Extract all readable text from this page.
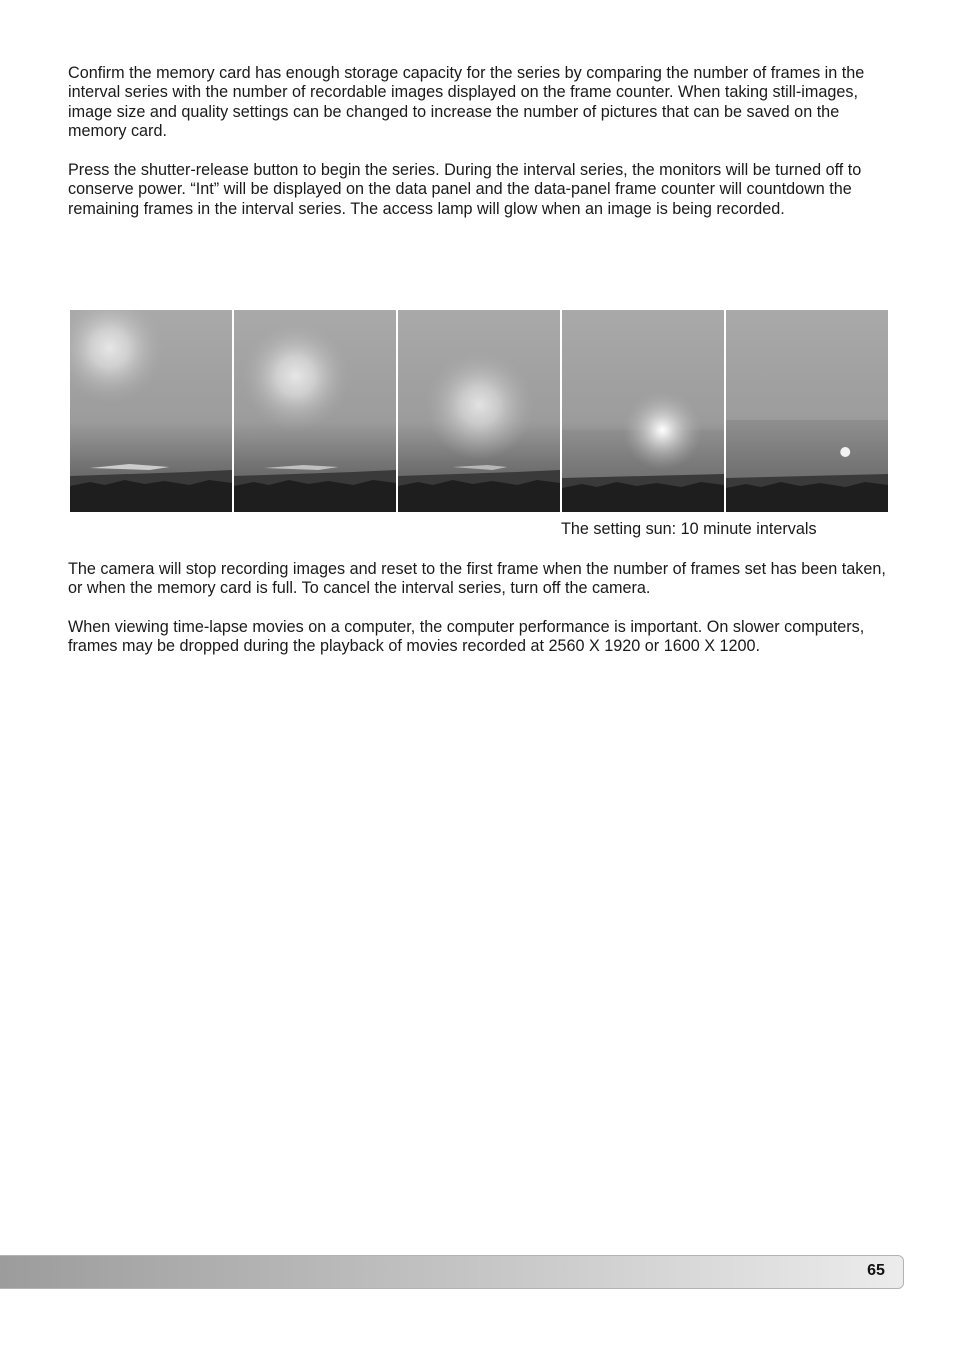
Confirm the memory card has enough storage capacity for the series by comparing the number of frames in the interval series with the number of recordable images displayed on the frame counter. When taking still-images, image size and quality settings can be changed to increase the number of pictures that can be saved on the memory card.

Press the shutter-release button to begin the series. During the interval series, the monitors will be turned off to conserve power. “Int” will be displayed on the data panel and the data-panel frame counter will countdown the remaining frames in the interval series. The access lamp will glow when an image is being recorded.

The setting sun: 10 minute intervals

The camera will stop recording images and reset to the first frame when the number of frames set has been taken, or when the memory card is full. To cancel the interval series, turn off the camera.

When viewing time-lapse movies on a computer, the computer performance is important. On slower computers, frames may be dropped during the playback of movies recorded at 2560 X 1920 or 1600 X 1200.

65
